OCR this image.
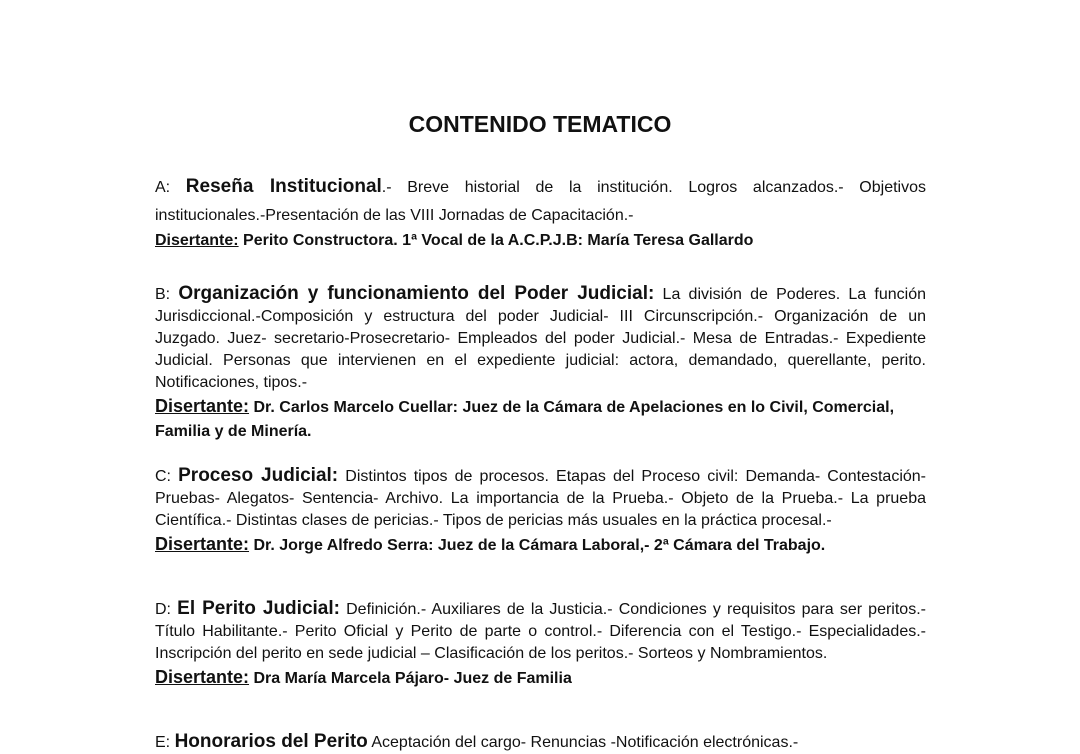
CONTENIDO TEMATICO

A: Reseña Institucional.- Breve historial de la institución. Logros alcanzados.- Objetivos institucionales.-Presentación de las VIII Jornadas de Capacitación.-

Disertante: Perito Constructora. 1ª Vocal de la A.C.P.J.B: María Teresa Gallardo

B: Organización y funcionamiento del Poder Judicial: La división de Poderes. La función Jurisdiccional.-Composición y estructura del poder Judicial- III Circunscripción.- Organización de un Juzgado. Juez- secretario-Prosecretario- Empleados del poder Judicial.- Mesa de Entradas.- Expediente Judicial. Personas que intervienen en el expediente judicial: actora, demandado, querellante, perito. Notificaciones, tipos.-

Disertante: Dr. Carlos Marcelo Cuellar: Juez de la Cámara de Apelaciones en lo Civil, Comercial, Familia y de Minería.

C: Proceso Judicial: Distintos tipos de procesos. Etapas del Proceso civil: Demanda- Contestación- Pruebas- Alegatos- Sentencia- Archivo. La importancia de la Prueba.- Objeto de la Prueba.- La prueba Científica.- Distintas clases de pericias.- Tipos de pericias más usuales en la práctica procesal.-

Disertante: Dr. Jorge Alfredo Serra: Juez de la Cámara Laboral,- 2ª Cámara del Trabajo.

D: El Perito Judicial: Definición.- Auxiliares de la Justicia.- Condiciones y requisitos para ser peritos.-Título Habilitante.- Perito Oficial y Perito de parte o control.- Diferencia con el Testigo.- Especialidades.- Inscripción del perito en sede judicial – Clasificación de los peritos.- Sorteos y Nombramientos.

Disertante: Dra María Marcela Pájaro- Juez de Familia

E: Honorarios del Perito Aceptación del cargo- Renuncias -Notificación electrónicas.-
